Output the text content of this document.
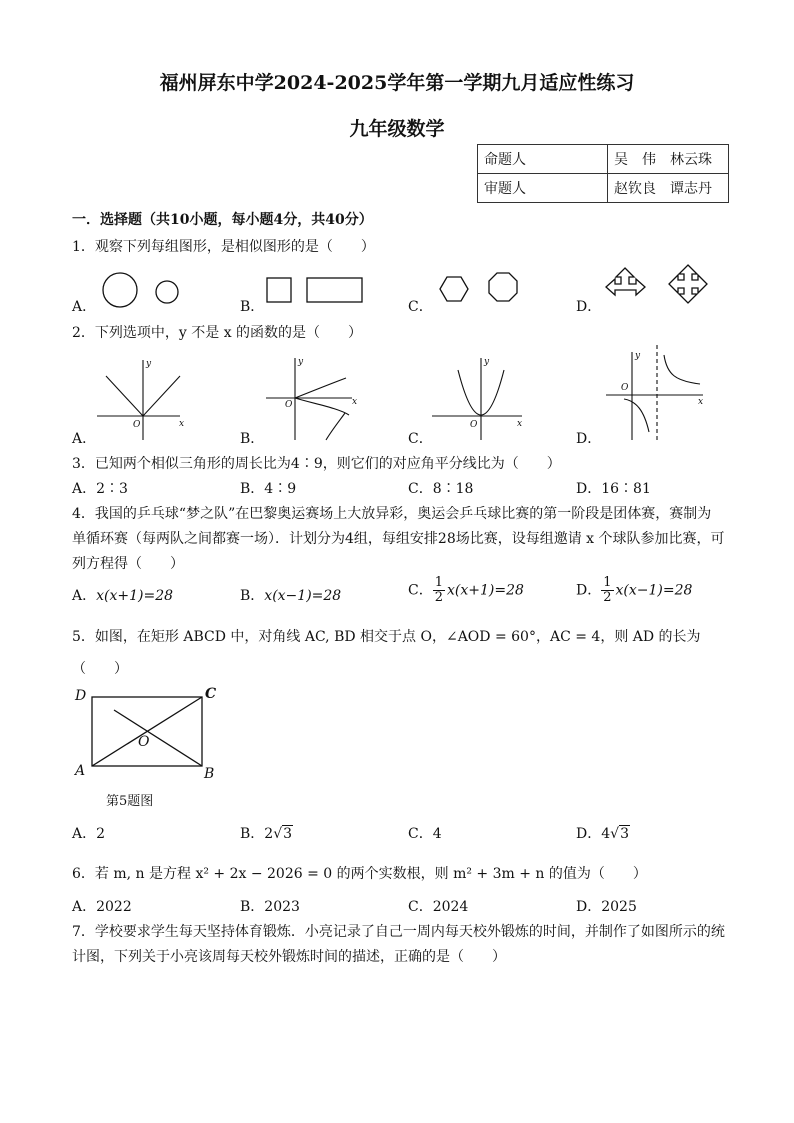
福州屏东中学2024-2025学年第一学期九月适应性练习
九年级数学
命题人	吴　伟　林云珠
审题人	赵钦良　谭志丹
一．选择题（共10小题，每小题4分，共40分）
1．观察下列每组图形，是相似图形的是（　　）
A．	B．	C．	D．
2．下列选项中，y 不是 x 的函数的是（　　）
A．	B．	C．	D．
y
x
O
y
x
O
y
x
O
y
x
O
3．已知两个相似三角形的周长比为4∶9，则它们的对应角平分线比为（　　）
A．2∶3	B．4∶9	C．8∶18	D．16∶81
4．我国的乒乓球“梦之队”在巴黎奥运赛场上大放异彩，奥运会乒乓球比赛的第一阶段是团体赛，赛制为
单循环赛（每两队之间都赛一场）．计划分为4组，每组安排28场比赛，设每组邀请 x 个球队参加比赛，可
列方程得（　　）
A．x(x+1)=28	B．x(x−1)=28	C． $\frac{1}{2} x(x+1)=28$	D． $\frac{1}{2} x(x-1)=28$
5．如图，在矩形 ABCD 中，对角线 AC, BD 相交于点 O，∠AOD = 60°，AC = 4，则 AD 的长为
（　　）
D	C
A	B
O
第5题图
A．2	B．2√3	C．4	D．4√3
6．若 m, n 是方程 x² + 2x − 2026 = 0 的两个实数根，则 m² + 3m + n 的值为（　　）
A．2022	B．2023	C．2024	D．2025
7．学校要求学生每天坚持体育锻炼．小亮记录了自己一周内每天校外锻炼的时间，并制作了如图所示的统
计图，下列关于小亮该周每天校外锻炼时间的描述，正确的是（　　）
